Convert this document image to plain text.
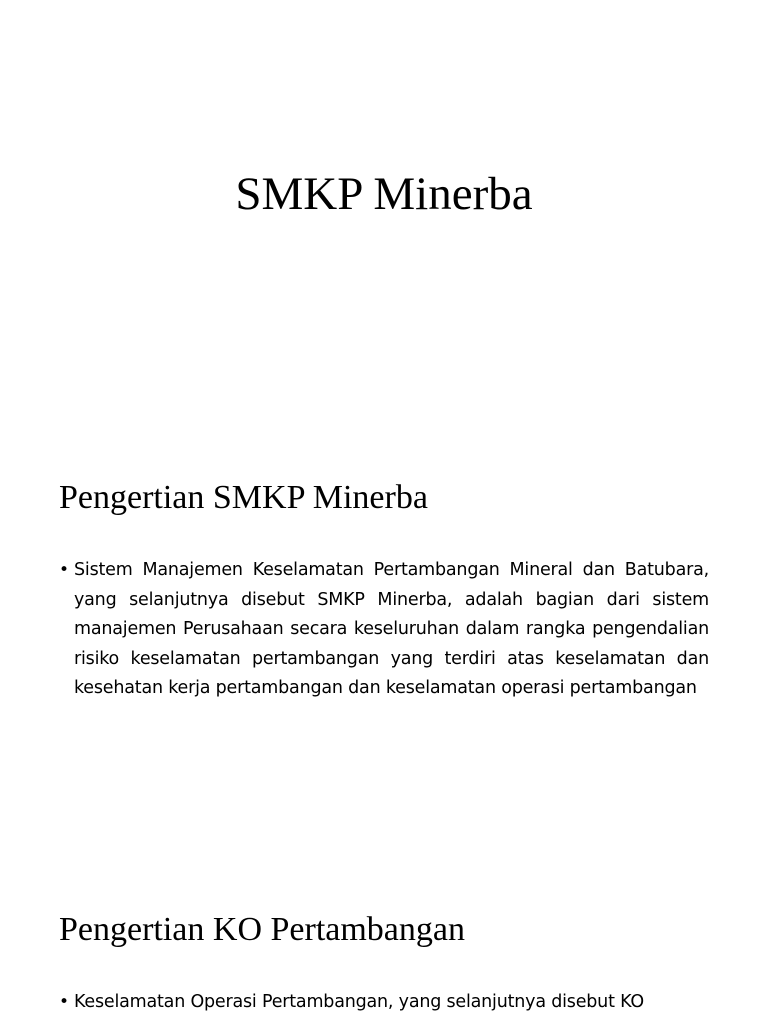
SMKP Minerba
Pengertian SMKP Minerba
• Sistem Manajemen Keselamatan Pertambangan Mineral dan Batubara, yang selanjutnya disebut SMKP Minerba, adalah bagian dari sistem manajemen Perusahaan secara keseluruhan dalam rangka pengendalian risiko keselamatan pertambangan yang terdiri atas keselamatan dan kesehatan kerja pertambangan dan keselamatan operasi pertambangan
Pengertian KO Pertambangan
• Keselamatan Operasi Pertambangan, yang selanjutnya disebut KO
